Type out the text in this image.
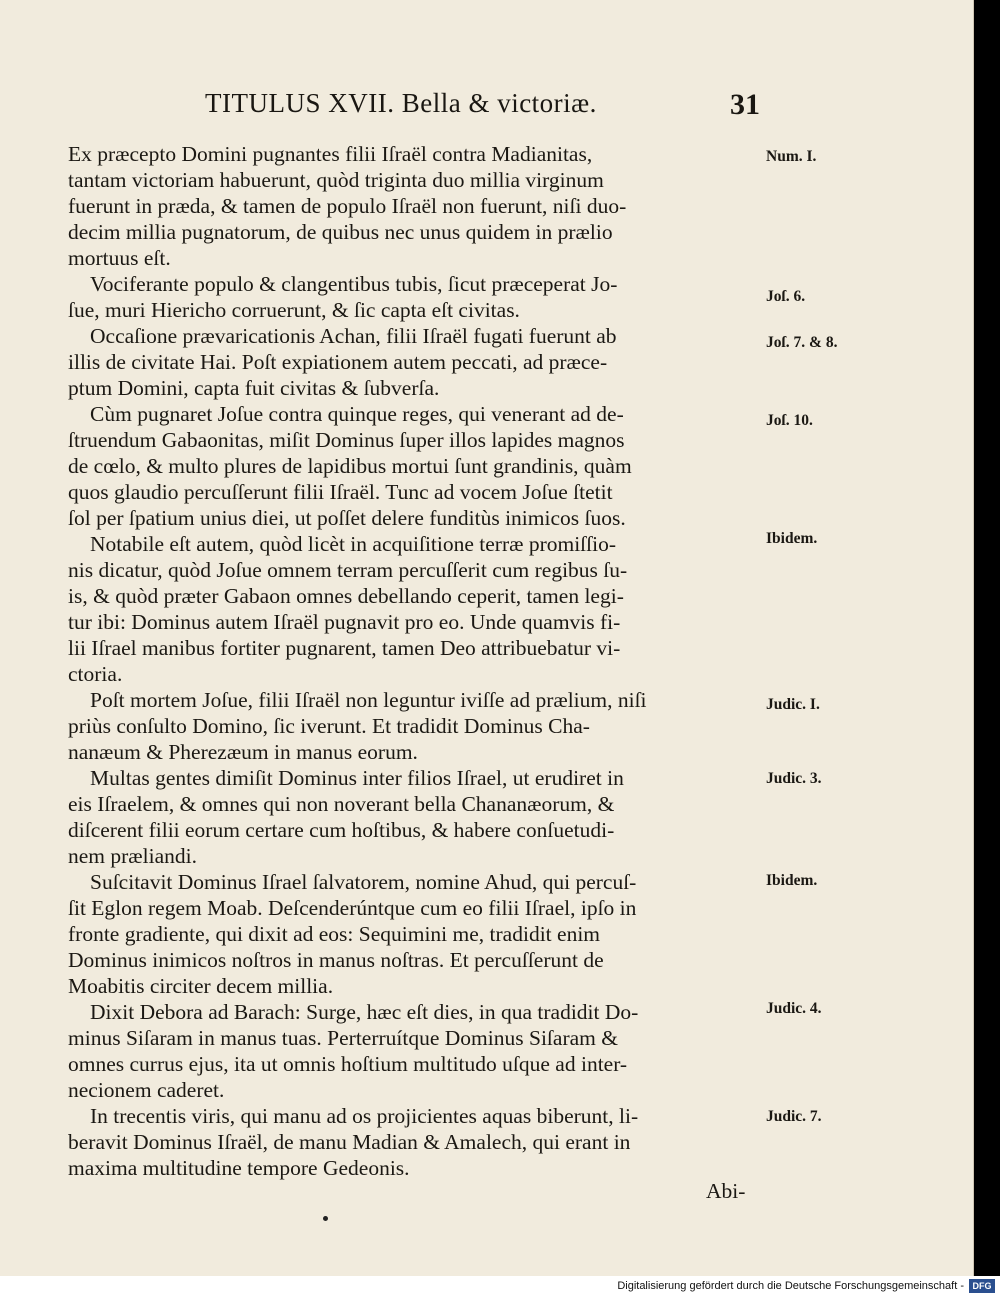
TITULUS XVII. Bella & victoriæ.	31
Ex præcepto Domini pugnantes filii Iſraël contra Madianitas,
tantam victoriam habuerunt, quòd triginta duo millia virginum
fuerunt in præda, & tamen de populo Iſraël non fuerunt, niſi duo-
decim millia pugnatorum, de quibus nec unus quidem in prælio
mortuus eſt.
Vociferante populo & clangentibus tubis, ſicut præceperat Jo-
ſue, muri Hiericho corruerunt, & ſic capta eſt civitas.
Occaſione prævaricationis Achan, filii Iſraël fugati fuerunt ab
illis de civitate Hai. Poſt expiationem autem peccati, ad præce-
ptum Domini, capta fuit civitas & ſubverſa.
Cùm pugnaret Joſue contra quinque reges, qui venerant ad de-
ſtruendum Gabaonitas, miſit Dominus ſuper illos lapides magnos
de cœlo, & multo plures de lapidibus mortui ſunt grandinis, quàm
quos glaudio percuſſerunt filii Iſraël. Tunc ad vocem Joſue ſtetit
ſol per ſpatium unius diei, ut poſſet delere funditùs inimicos ſuos.
Notabile eſt autem, quòd licèt in acquiſitione terræ promiſſio-
nis dicatur, quòd Joſue omnem terram percuſſerit cum regibus ſu-
is, & quòd præter Gabaon omnes debellando ceperit, tamen legi-
tur ibi: Dominus autem Iſraël pugnavit pro eo. Unde quamvis fi-
lii Iſrael manibus fortiter pugnarent, tamen Deo attribuebatur vi-
ctoria.
Poſt mortem Joſue, filii Iſraël non leguntur iviſſe ad prælium, niſi
priùs conſulto Domino, ſic iverunt. Et tradidit Dominus Cha-
nanæum & Pherezæum in manus eorum.
Multas gentes dimiſit Dominus inter filios Iſrael, ut erudiret in
eis Iſraelem, & omnes qui non noverant bella Chananæorum, &
diſcerent filii eorum certare cum hoſtibus, & habere conſuetudi-
nem præliandi.
Suſcitavit Dominus Iſrael ſalvatorem, nomine Ahud, qui percuſ-
ſit Eglon regem Moab. Deſcenderúntque cum eo filii Iſrael, ipſo in
fronte gradiente, qui dixit ad eos: Sequimini me, tradidit enim
Dominus inimicos noſtros in manus noſtras. Et percuſſerunt de
Moabitis circiter decem millia.
Dixit Debora ad Barach: Surge, hæc eſt dies, in qua tradidit Do-
minus Siſaram in manus tuas. Perterruítque Dominus Siſaram &
omnes currus ejus, ita ut omnis hoſtium multitudo uſque ad inter-
necionem caderet.
In trecentis viris, qui manu ad os projicientes aquas biberunt, li-
beravit Dominus Iſraël, de manu Madian & Amalech, qui erant in
maxima multitudine tempore Gedeonis.
Num. I.
Joſ. 6.
Joſ. 7. & 8.
Joſ. 10.
Ibidem.
Judic. I.
Judic. 3.
Ibidem.
Judic. 4.
Judic. 7.
Abi-
Digitalisierung gefördert durch die Deutsche Forschungsgemeinschaft - DFG
